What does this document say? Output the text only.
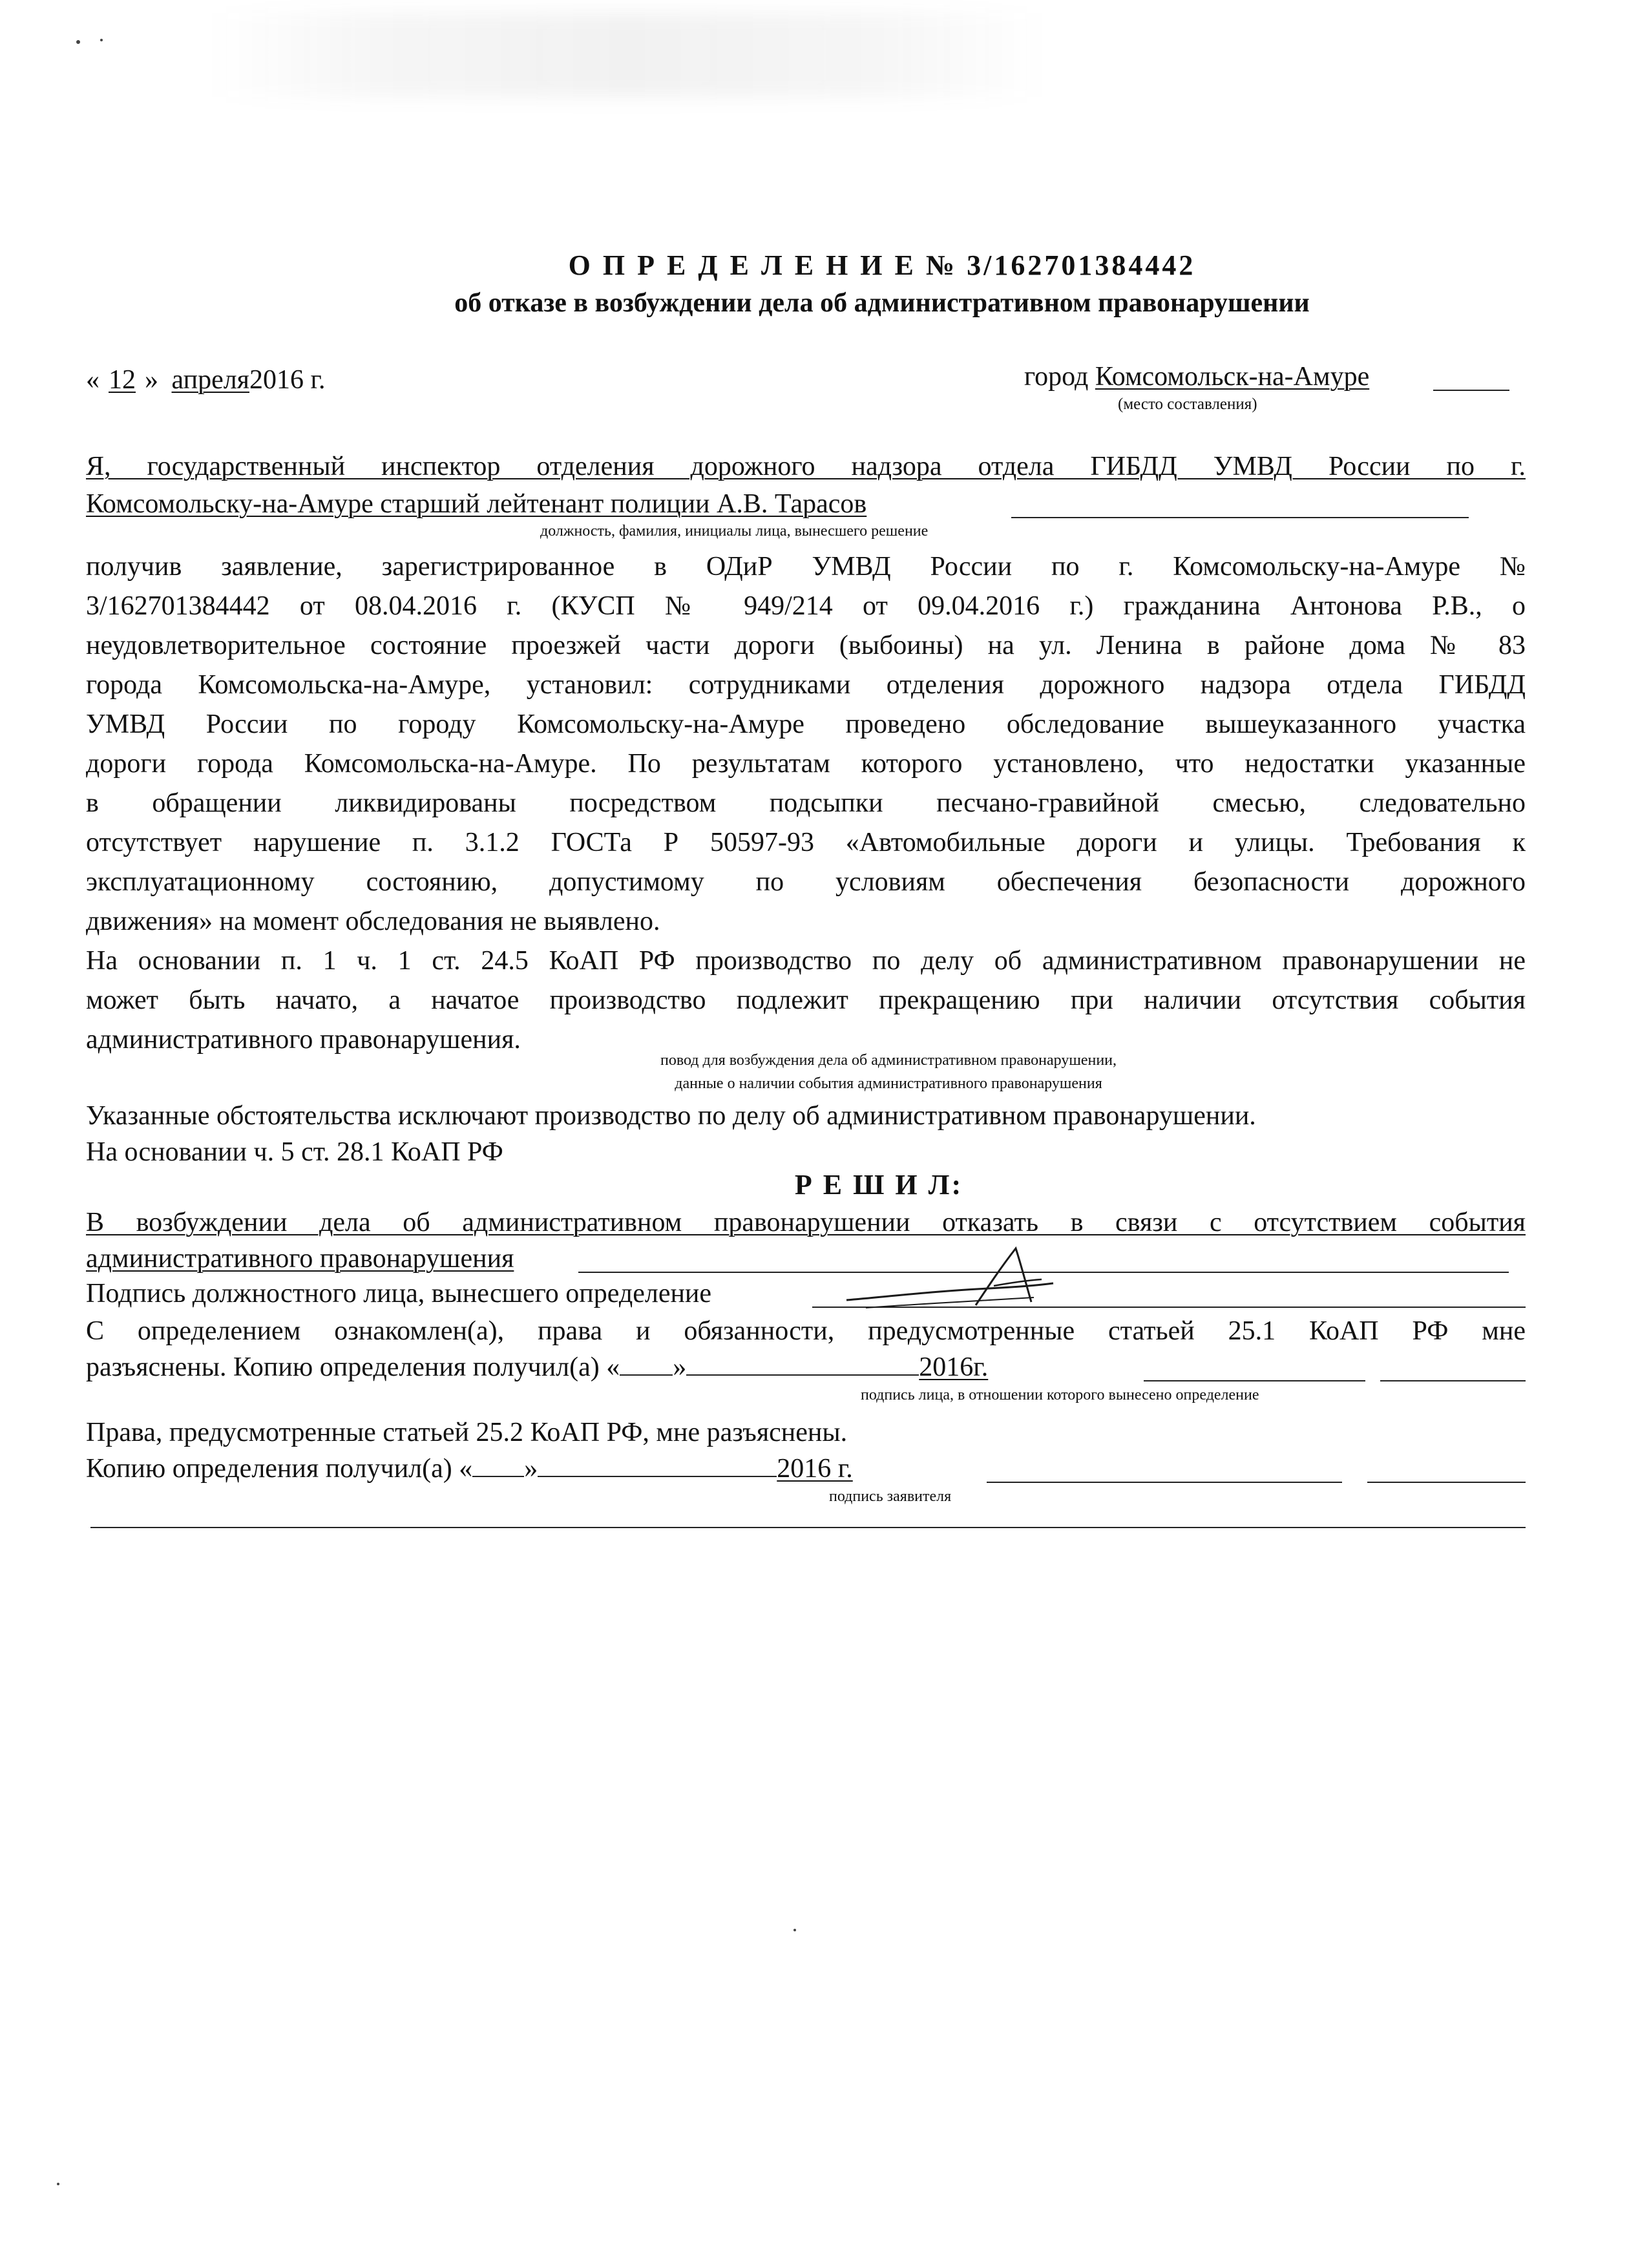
О П Р Е Д Е Л Е Н И Е № 3/162701384442
об отказе в возбуждении дела об административном правонарушении
« 12 » апреля2016 г.	город Комсомольск-на-Амуре
(место составления)
Я, государственный инспектор отделения дорожного надзора отдела ГИБДД УМВД России по г.
Комсомольску-на-Амуре старший лейтенант полиции А.В. Тарасов
должность, фамилия, инициалы лица, вынесшего решение
получив заявление, зарегистрированное в ОДиР УМВД России по г. Комсомольску-на-Амуре №
3/162701384442 от 08.04.2016 г. (КУСП № 949/214 от 09.04.2016 г.) гражданина Антонова Р.В., о
неудовлетворительное состояние проезжей части дороги (выбоины) на ул. Ленина в районе дома № 83
города Комсомольска-на-Амуре, установил: сотрудниками отделения дорожного надзора отдела ГИБДД
УМВД России по городу Комсомольску-на-Амуре проведено обследование вышеуказанного участка
дороги города Комсомольска-на-Амуре. По результатам которого установлено, что недостатки указанные
в обращении ликвидированы посредством подсыпки песчано-гравийной смесью, следовательно
отсутствует нарушение п. 3.1.2 ГОСТа Р 50597-93 «Автомобильные дороги и улицы. Требования к
эксплуатационному состоянию, допустимому по условиям обеспечения безопасности дорожного
движения» на момент обследования не выявлено.
На основании п. 1 ч. 1 ст. 24.5 КоАП РФ производство по делу об административном правонарушении не
может быть начато, а начатое производство подлежит прекращению при наличии отсутствия события
административного правонарушения.
повод для возбуждения дела об административном правонарушении,
данные о наличии события административного правонарушения
Указанные обстоятельства исключают производство по делу об административном правонарушении.
На основании ч. 5 ст. 28.1 КоАП РФ
Р Е Ш И Л:
В возбуждении дела об административном правонарушении отказать в связи с отсутствием события
административного правонарушения
Подпись должностного лица, вынесшего определение
С определением ознакомлен(а), права и обязанности, предусмотренные статьей 25.1 КоАП РФ мне
разъяснены. Копию определения получил(а) « »	2016г.
подпись лица, в отношении которого вынесено определение
Права, предусмотренные статьей 25.2 КоАП РФ, мне разъяснены.
Копию определения получил(а) « »	2016 г.
подпись заявителя
